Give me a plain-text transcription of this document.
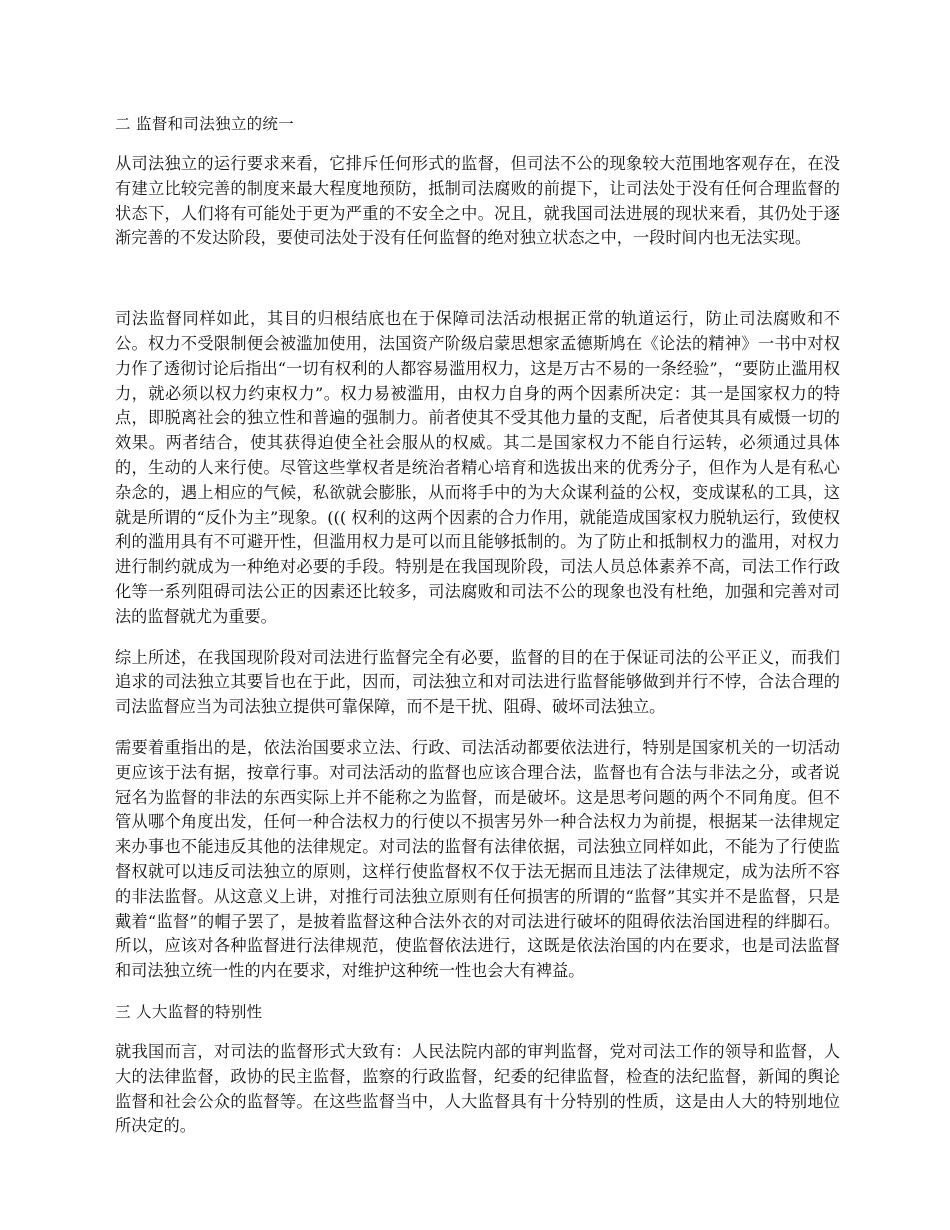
二 监督和司法独立的统一

从司法独立的运行要求来看，它排斥任何形式的监督，但司法不公的现象较大范围地客观存在，在没有建立比较完善的制度来最大程度地预防，抵制司法腐败的前提下，让司法处于没有任何合理监督的状态下，人们将有可能处于更为严重的不安全之中。况且，就我国司法进展的现状来看，其仍处于逐渐完善的不发达阶段，要使司法处于没有任何监督的绝对独立状态之中，一段时间内也无法实现。

司法监督同样如此，其目的归根结底也在于保障司法活动根据正常的轨道运行，防止司法腐败和不公。权力不受限制便会被滥加使用，法国资产阶级启蒙思想家孟德斯鸠在《论法的精神》一书中对权力作了透彻讨论后指出“一切有权利的人都容易滥用权力，这是万古不易的一条经验”，“要防止滥用权力，就必须以权力约束权力”。权力易被滥用，由权力自身的两个因素所决定：其一是国家权力的特点，即脱离社会的独立性和普遍的强制力。前者使其不受其他力量的支配，后者使其具有威慑一切的效果。两者结合，使其获得迫使全社会服从的权威。其二是国家权力不能自行运转，必须通过具体的，生动的人来行使。尽管这些掌权者是统治者精心培育和选拔出来的优秀分子，但作为人是有私心杂念的，遇上相应的气候，私欲就会膨胀，从而将手中的为大众谋利益的公权，变成谋私的工具，这就是所谓的“反仆为主”现象。((( 权利的这两个因素的合力作用，就能造成国家权力脱轨运行，致使权利的滥用具有不可避开性，但滥用权力是可以而且能够抵制的。为了防止和抵制权力的滥用，对权力进行制约就成为一种绝对必要的手段。特别是在我国现阶段，司法人员总体素养不高，司法工作行政化等一系列阻碍司法公正的因素还比较多，司法腐败和司法不公的现象也没有杜绝，加强和完善对司法的监督就尤为重要。

综上所述，在我国现阶段对司法进行监督完全有必要，监督的目的在于保证司法的公平正义，而我们追求的司法独立其要旨也在于此，因而，司法独立和对司法进行监督能够做到并行不悖，合法合理的司法监督应当为司法独立提供可靠保障，而不是干扰、阻碍、破坏司法独立。

需要着重指出的是，依法治国要求立法、行政、司法活动都要依法进行，特别是国家机关的一切活动更应该于法有据，按章行事。对司法活动的监督也应该合理合法，监督也有合法与非法之分，或者说冠名为监督的非法的东西实际上并不能称之为监督，而是破坏。这是思考问题的两个不同角度。但不管从哪个角度出发，任何一种合法权力的行使以不损害另外一种合法权力为前提，根据某一法律规定来办事也不能违反其他的法律规定。对司法的监督有法律依据，司法独立同样如此，不能为了行使监督权就可以违反司法独立的原则，这样行使监督权不仅于法无据而且违法了法律规定，成为法所不容的非法监督。从这意义上讲，对推行司法独立原则有任何损害的所谓的“监督”其实并不是监督，只是戴着“监督”的帽子罢了，是披着监督这种合法外衣的对司法进行破坏的阻碍依法治国进程的绊脚石。所以，应该对各种监督进行法律规范，使监督依法进行，这既是依法治国的内在要求，也是司法监督和司法独立统一性的内在要求，对维护这种统一性也会大有裨益。

三 人大监督的特别性

就我国而言，对司法的监督形式大致有：人民法院内部的审判监督，党对司法工作的领导和监督，人大的法律监督，政协的民主监督，监察的行政监督，纪委的纪律监督，检查的法纪监督，新闻的舆论监督和社会公众的监督等。在这些监督当中，人大监督具有十分特别的性质，这是由人大的特别地位所决定的。
